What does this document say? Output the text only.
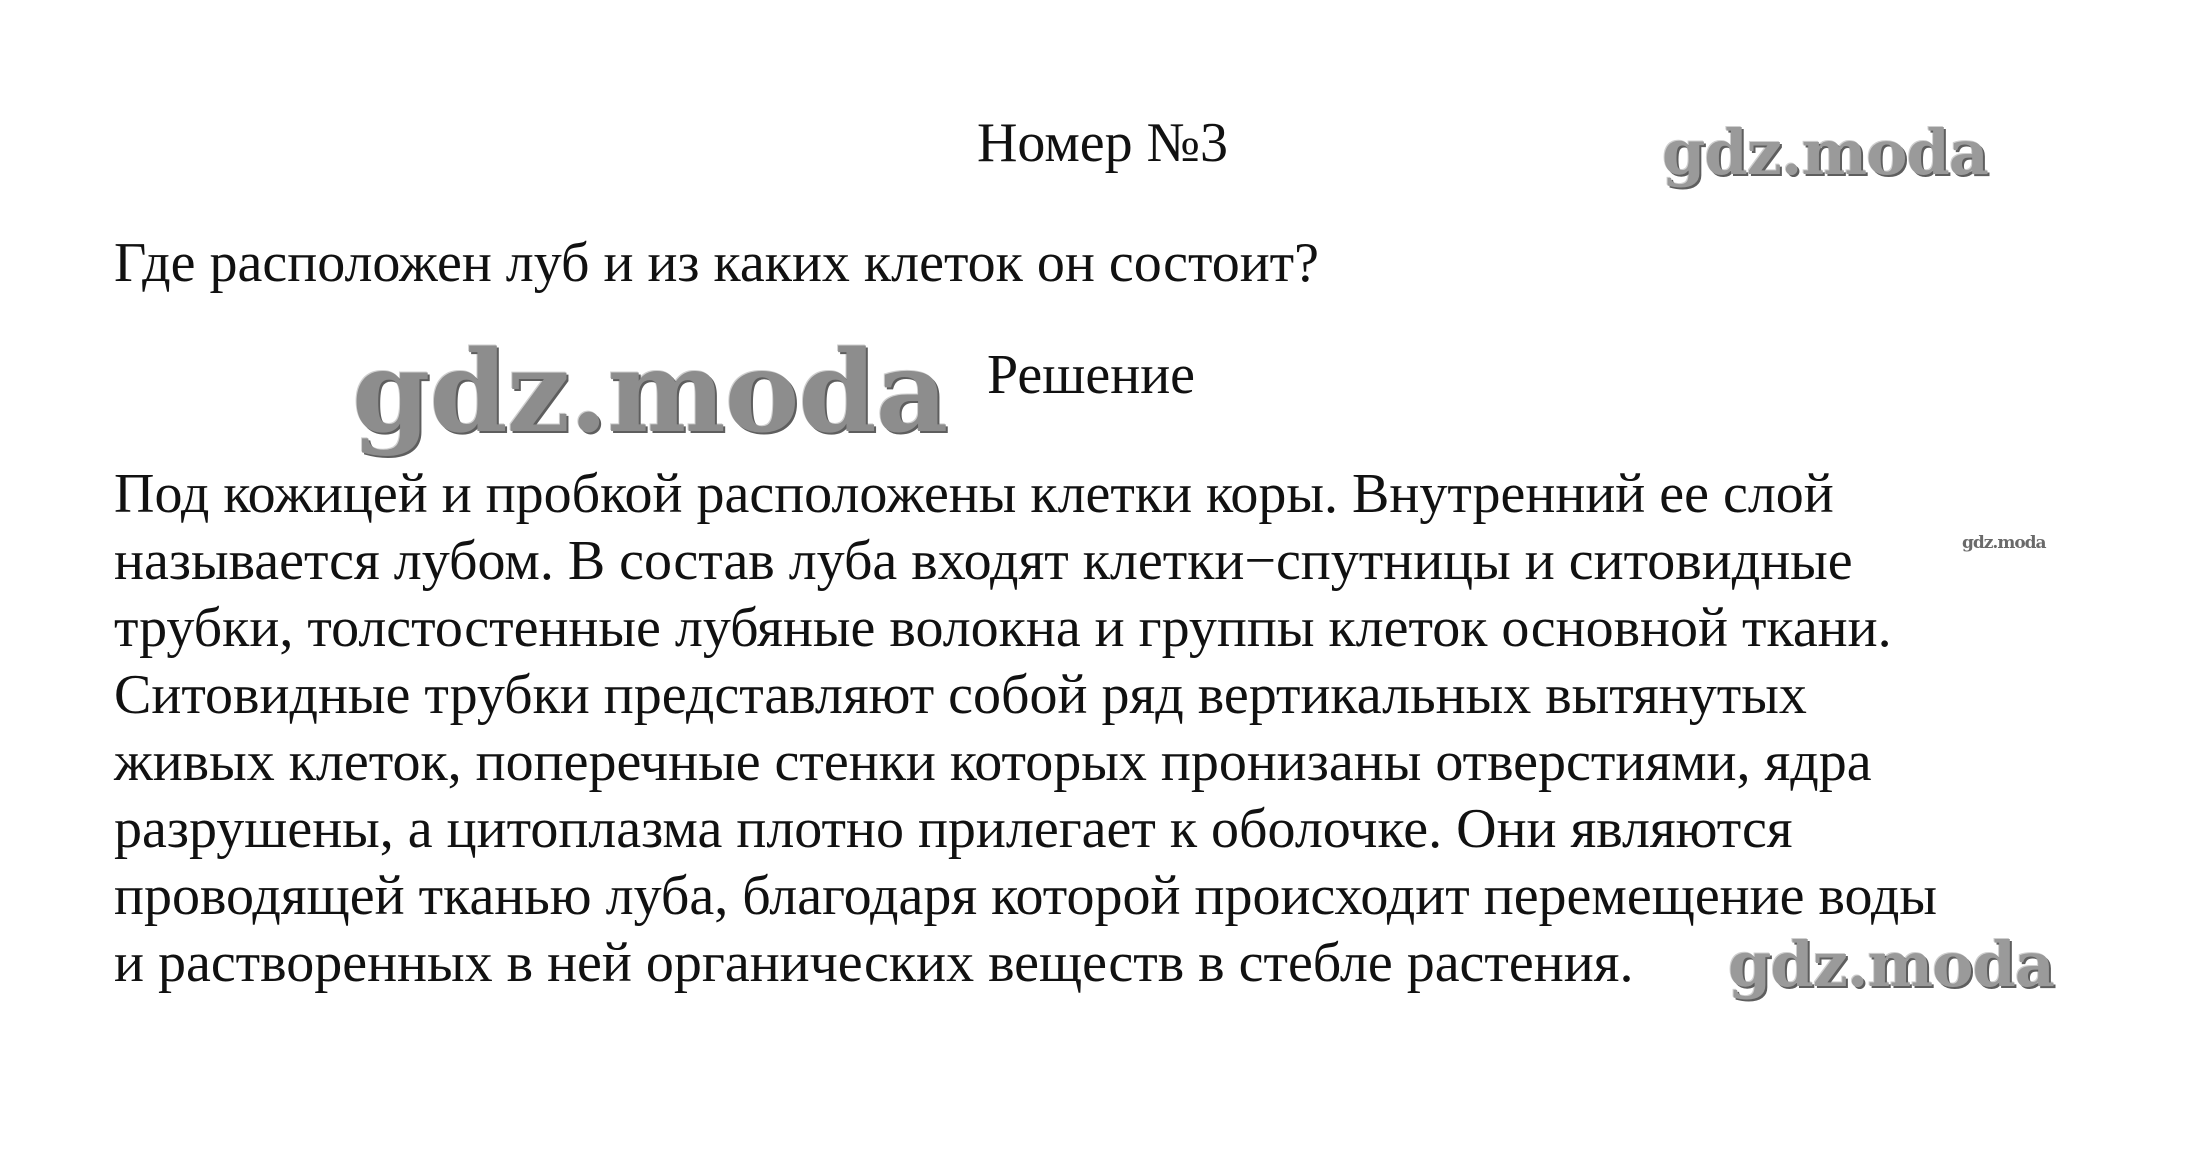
Номер №3	gdz.moda
Где расположен луб и из каких клеток он состоит?
gdz.moda Решение
Под кожицей и пробкой расположены клетки коры. Внутренний ее слой
называется лубом. В состав луба входят клетки−спутницы и ситовидные
трубки, толстостенные лубяные волокна и группы клеток основной ткани.
Ситовидные трубки представляют собой ряд вертикальных вытянутых
живых клеток, поперечные стенки которых пронизаны отверстиями, ядра
разрушены, а цитоплазма плотно прилегает к оболочке. Они являются
проводящей тканью луба, благодаря которой происходит перемещение воды
и растворенных в ней органических веществ в стебле растения.
gdz.moda
gdz.moda
